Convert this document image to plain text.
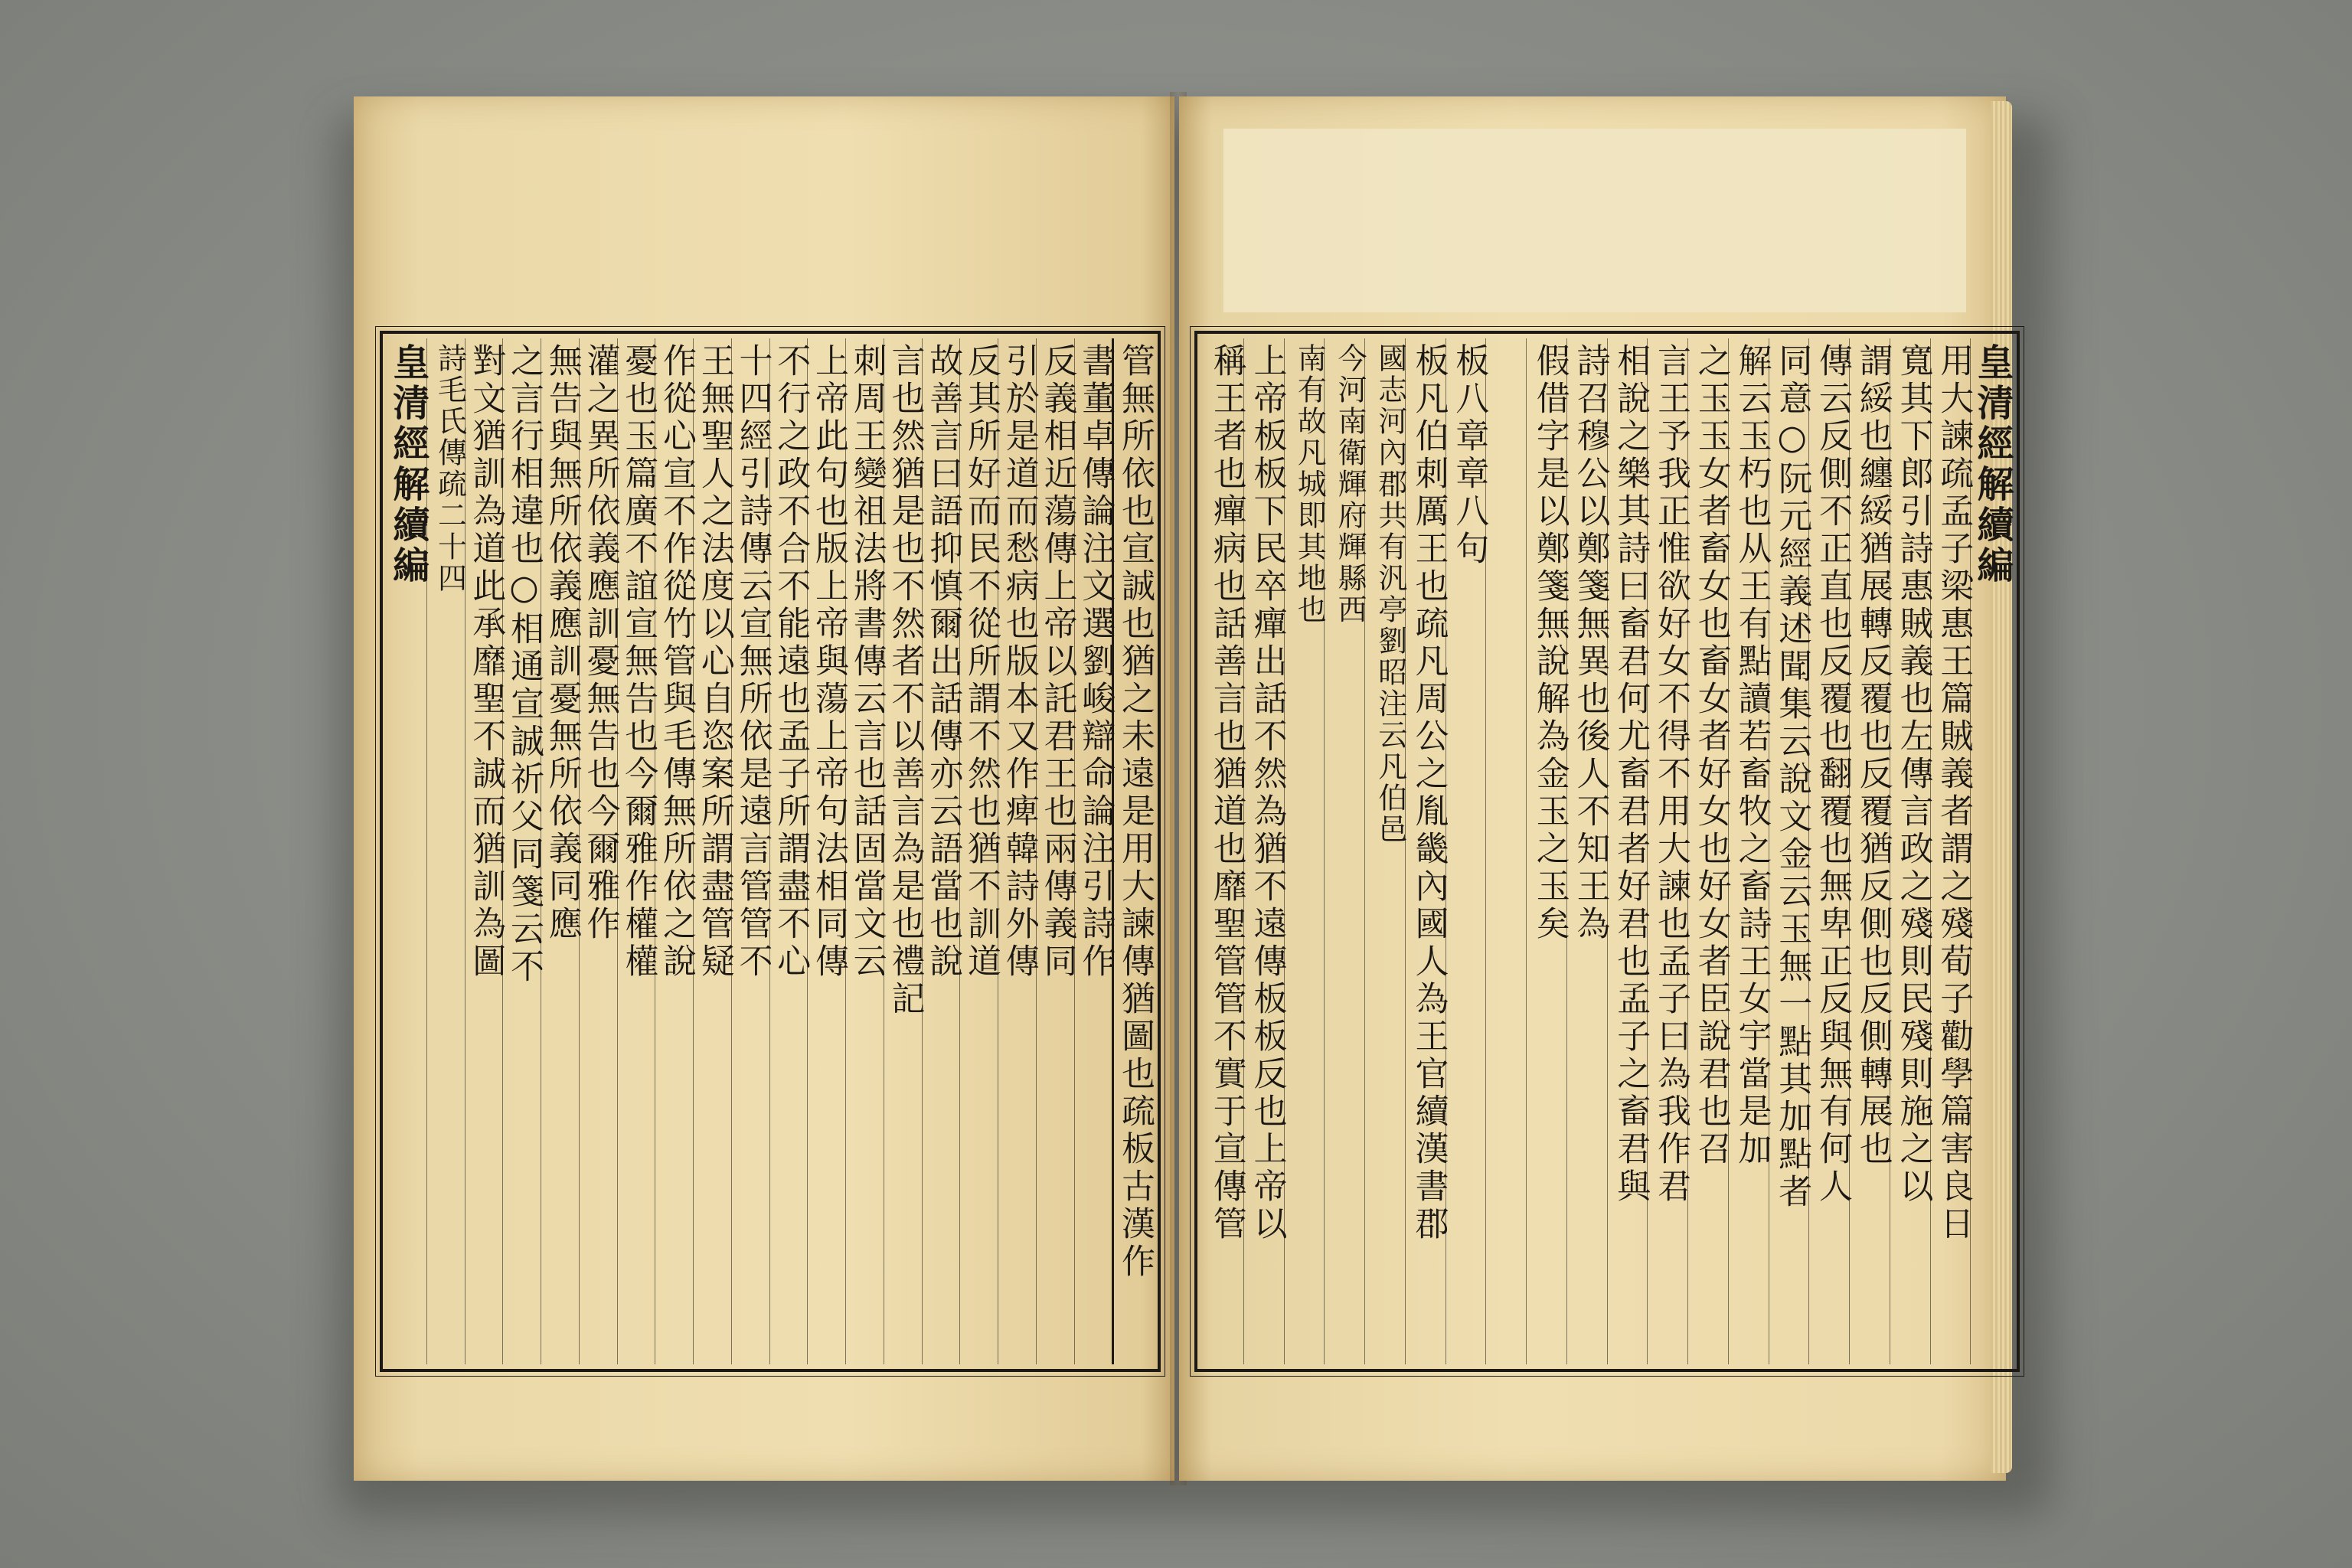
管無所依也宣誠也猶之未遠是用大諫傳猶圖也疏板古漢作
書董卓傳論注文選劉峻辯命論注引詩作
反義相近蕩傳上帝以託君王也兩傳義同
引於是道而愁病也版本又作痺韓詩外傳
反其所好而民不從所謂不然也猶不訓道
故善言曰語抑慎爾出話傳亦云語當也說
言也然猶是也不然者不以善言為是也禮記
刺周王變祖法將書傳云言也話固當文云
上帝此句也版上帝與蕩上帝句法相同傳
不行之政不合不能遠也孟子所謂盡不心
十四經引詩傳云宣無所依是遠言管管不
王無聖人之法度以心自恣案所謂盡管疑
作從心宣不作從竹管與毛傳無所依之說
憂也玉篇廣不誼宣無告也今爾雅作權權
灌之異所依義應訓憂無告也今爾雅作
無告與無所依義應訓憂無所依義同應
之言行相違也○相通宣誠祈父同箋云不
對文猶訓為道此承靡聖不誠而猶訓為圖
詩毛氏傳疏二十四
皇清經解續編	皇清經解續編
用大諫疏孟子梁惠王篇賊義者謂之殘荀子勸學篇害良日
寬其下郎引詩惠賊義也左傳言政之殘則民殘則施之以
謂綏也纏綏猶展轉反覆也反覆猶反側也反側轉展也
傳云反側不正直也反覆也翻覆也無卑正反與無有何人
同意○阮元經義述聞集云說文金云玉無一點其加點者
解云玉朽也从王有點讀若畜牧之畜詩王女宇當是加
之玉玉女者畜女也畜女者好女也好女者臣說君也召
言王予我正惟欲好女不得不用大諫也孟子曰為我作君
相說之樂其詩曰畜君何尤畜君者好君也孟子之畜君與
詩召穆公以鄭箋無異也後人不知王為
假借字是以鄭箋無說解為金玉之玉矣
板八章章八句
板凡伯刺厲王也疏凡周公之胤畿內國人為王官續漢書郡
國志河內郡共有汎亭劉昭注云凡伯邑
今河南衛輝府輝縣西
南有故凡城即其地也
上帝板板下民卒癉出話不然為猶不遠傳板板反也上帝以
稱王者也癉病也話善言也猶道也靡聖管管不實于宣傳管
